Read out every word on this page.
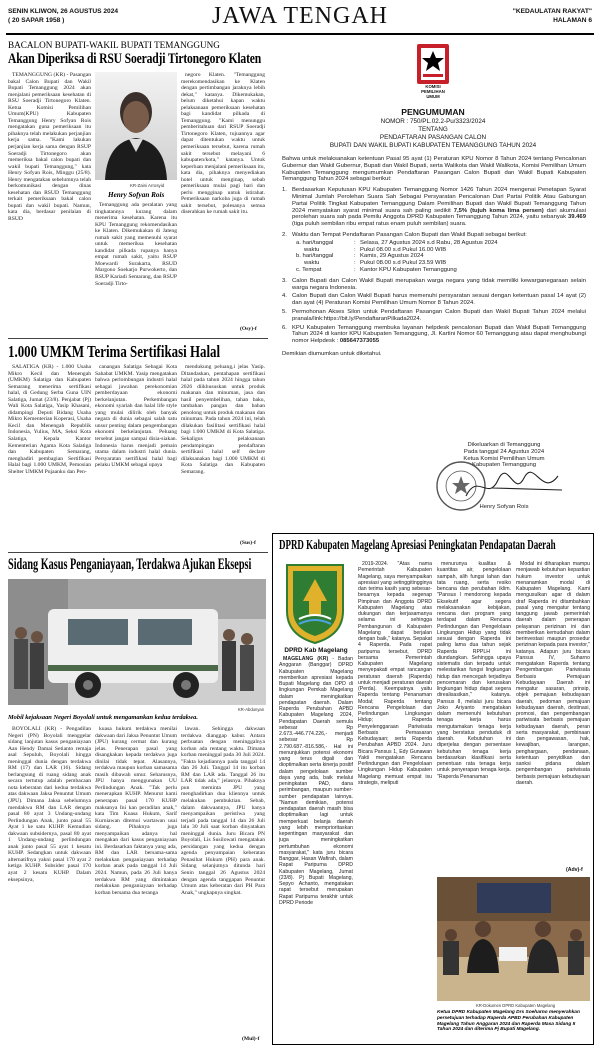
SENIN KLIWON, 26 AGUSTUS 2024
( 20 SAPAR 1958 )	JAWA TENGAH	"KEDAULATAN RAKYAT"
HALAMAN 6
BACALON BUPATI-WAKIL BUPATI TEMANGGUNG
Akan Diperiksa di RSU Soeradji Tirtonegoro Klaten

TEMANGGUNG (KR) - Pasangan bakal Calon Bupati dan Wakil Bupati Temanggung 2024 akan menjalani pemeriksaan kesehatan di RSU Soeradji Tirtonegoro Klaten. Ketua Komisi Pemilihan Umum(KPU) Kabupaten Temanggung Henry Sofyan Rois mengatakan guna pemeriksaan itu pihaknya telah melakukan perjanjian kerja sama. "Kami lakukan perjanjian kerja sama dengan RSUP Soeradji Tirtonegoro akan memeriksa bakal calon bupati dan wakil bupati Temanggung," kata Henry Sofyan Rois, Minggu (25/8). Henry mengatakan sebelumnya telah berkomunikasi dengan dinas kesehatan dan RSUD Temanggung terkait pemeriksaan bakal calon bupati dan wakil bupati. Namun, kata dia, berdasar penilaian di RSUD

KR-Zaini Arrosyid
Henry Sofyan Rois

Temanggung ada peralatan yang tingkatannya kurang dalam menerima kesehatan. Karena itu KPU Temanggung rekomendasikan ke Klaten. Dikemukakan di Jateng rumah sakit yang memenuhi syarat untuk memeriksa kesehatan kandidat pilkada rupanya hanya empat rumah sakit, yaitu RSUP Moewardi Surakarta, RSUD Margono Soekarjo Purwokerto, dan RSUP Kariadi Semarang, dan RSUP Soeradji Tirto-

negoro Klaten. "Temanggung merekomendasikan ke Klaten dengan pertimbangan jaraknya lebih dekat," katanya. Dikemukakan, belum diketahui kapan waktu pelaksanaan pemeriksaan kesehatan bagi kandidat pilkada di Temanggung. "Kami menunggu pemberitahuan dari RSUP Soeradji Tirtonegoro Klaten, tujuannya agar dapat ditentukan waktu untuk pemeriksaan tersebut, karena rumah sakit tersebut melayani 6 kabupaten/kota," katanya. Untuk keperluan menjalani pemeriksaan itu, kata dia, pihaknya menyediakan hotel untuk menginap, sebab pemeriksaan mulai pagi hari dan perlu mengginap untuk istirahat. Pemeriksaan narkoba juga di rumah sakit tersebut, polesanya semua diserahkan ke rumah sakit itu.

(Osy)-f
1.000 UMKM Terima Sertifikasi Halal

SALATIGA (KR) - 1.000 Usaha Mikro Kecil dan Menengah (UMKM) Salatiga dan Kabupaten Semarang menerima sertifikasi halal, di Gedung Serba Guna UIN Salatiga, Jumat (23/8). Penjabat (Pj) Wali Kota Salatiga, Yasip Khasani, didampingi Deputi Bidang Usaha Mikro Kementerian Koperasi, Usaha Kecil dan Menengah Republik Indonesia, Yulius, MA, Seksi Kota Salatiga, Kepala Kantor Kementerian Agama Kota Salatiga dan Kabupaten Semarang, menghadiri pembagian Sertifikasi Halal bagi 1.000 UMKM, Pemosian Shelter UMKM Pujaanku dan Pen-

canangan Salatiga Sebagai Kota Sahabat UMKM. Yasip mengatakan bahwa perlombungan industri halal sebagai jawaban perekonomian pemberdayaan ekonomi berkelanjutan. Perkembangan ekonomi syariah dan halal life style yang mulai dilirik oleh banyak negara di dunia sebagai salah satu unsur penting dalam pengembangan ekonomi berkelanjutan. Peluang tersebut jangan sampai disia-siakan. Indonesia harus menjadi pemain utama dalam industri halal dunia. Persyaratan sertifikasi halal bagi pelaku UMKM sebagai upaya

mendukung peluang,i jelas Yasip. Ditandaskan, pentahapan sertifikasi halal pada tahun 2024 hingga tahun 2026 diikhususkan untuk produk makanan dan minuman, jasa dan hasil penyembelihan, tahan baku, tambahan pangan dan bahan penolong untuk produk makanan dan minuman. Pada tahun 2024 ini, telah dilakukan fasilitasi sertifikasi halal bagi 1.000 UMKM di Kota Salatiga. Sekaligus pelaksanaan pendampingan pendaftaran sertifikasi halal self declare dilaksanakan bagi 1.000 UMKM di Kota Salatiga dan Kabupaten Semarang.

(Sus)-f
Sidang Kasus Penganiayaan, Terdakwa Ajukan Eksepsi
KR-Abdunyan
Mobil kejaksaan Negeri Boyolali untuk mengamankan kedua terdakwa.

BOYOLALI (KR) - Pengadilan Negeri (PN) Boyolali menggelar sidang lanjutan kasus penganiayaan Aan Hendy Damai Setianto remaja asal Sepuluh, Boyolali hingga meninggal dunia dengan terdakwa RM (17) dan LAR (16). Sidang berlangsung di ruang sidang anak secara tertutup adalah pembacaan nota keberatan dari kedua terdakwa atas dakwaan Jaksa Penuntut Umum (JPU). Dimana Jaksa sebelumnya mendakwa RM dan LAR dengan pasal 80 ayat 3 Undang-undang Perlindungan Anak, junto pasal 55 Ayat 1 ke satu KUHP. Kemudian dakwaan subsidernya, pasal 80 ayat 1 Undang-undang perlindungan anak junto pasal 55 ayat 1 kesatu KUHP. Sedangkan untuk dakwaan alternatifnya yakni pasal 170 ayat 2 ketiga KUHP. Subsider pasal 170 ayat 2 kesatu KUHP. Dalam eksepsinya,

kuasa hukum terdakwa menilai dakwaan dari Jaksa Penuntut Umum (JPU) kurang cermat dan kurang jelas. Penerapan pasal yang disangkakan kepada terdakwa juga dinilai tidak tepat. Alasannya, terdakwa maupun korban samasama masih dibawah umur. Seharusnya, JPU hanya menggunakan UU Perlindungan Anak. "Tak perlu menerapkan KUHP. Menurut kami penerapan pasal 170 KUHP maksanya Ini kan peradilan anak," kata Tim Kuasa Hukum, Sarif Kurniawan ditemui wartawan usai sidang. Pihaknya juga menyampaikan adanya hal mengakan dari kasus penganiayaan ini. Berdasarkan faktanya yang ada, RM dan LAR bersama-sama melakukan penganiayaan terhadap korban anak pada tanggal 14 Juli 2024. Namun, pada 26 Juli hanya terdakwa RM yang dimintakan melakukan penganiayaan terhadap korban bersama dua teranga

lawan. Sehingga dakwaan terdakwa dianggap kabur. Antara perbuatan dengan meninggalnya korban ada rentang waktu. Dimana korban meninggal pada 30 Juli 2024. "Fakta kejadiannya pada tanggal 14 dan 26 Juli. Tanggal 14 itu korban RM dan LAR ada. Tanggal 26 itu LAR tidak ada," jelasnya. Pihaknya pun meminta JPU yang menghadirkan dua kliennya untuk melakukan pembuktian. Sebab, dalam dakwaannya, JPU hanya menyampaikan peristiwa yang terjadi pada tanggal 14 dan 26 Juli lalu 30 Juli saat korban dinyatakan meninggal dunia. Juru Bicara PN Boyolali, Lis Susilowati mengatakan persidangan yang kedua dengan agenda penyampaian keberatan Penasihat Hukum (PH) para anak. Sidang selanjutnya ditunda hari Senin tanggal 26 Agustus 2024 dengan agenda tanggapan Penuntut Umum atas keberatan dari PH Para Anak," ungkapnya singkat.

(Mul)-f
KOMISI
PEMILIHAN
UMUM
PENGUMUMAN
NOMOR : 750/PL.02.2-Pu/3323/2024
TENTANG
PENDAFTARAN PASANGAN CALON
BUPATI DAN WAKIL BUPATI KABUPATEN TEMANGGUNG TAHUN 2024
Bahwa untuk melaksanakan ketentuan Pasal 95 ayat (1) Peraturan KPU Nomor 8 Tahun 2024 tentang Pencalonan Gubernur dan Wakil Gubernur, Bupati dan Wakil Bupati, serta Walikota dan Wakil Walikota, Komisi Pemilihan Umum Kabupaten Temanggung mengumumkan Pendaftaran Pasangan Calon Bupati dan Wakil Bupati Kabupaten Temanggung Tahun 2024 sebagai berikut:
1. Berdasarkan Keputusan KPU Kabupaten Temanggung Nomor 1426 Tahun 2024 mengenai Penetapan Syarat Minimal Jumlah Perolehan Suara Sah Sebagai Persyaratan Pencalonan Dari Partai Politik Atau Gabungan Partai Politik Tingkat Kabupaten Temanggung Dalam Pemilihan Bupati dan Wakil Bupati Temanggung Tahun 2024 menyatakan syarat minimal suara sah paling sedikit 7,5% (tujuh koma lima persen) dari akumulasi perolehan suara sah pada Pemilu Anggota DPRD Kabupaten Temanggung Tahun 2024, yaitu sebanyak 39.469 (tiga puluh sembilan ribu empat ratus enam puluh sembilan) suara.
2. Waktu dan Tempat Pendaftaran Pasangan Calon Bupati dan Wakil Bupati sebagai berikut:
a. hari/tanggal	: Selasa, 27 Agustus 2024 s.d Rabu, 28 Agustus 2024
waktu	: Pukul 08.00 s.d Pukul 16.00 WIB
b. hari/tanggal	: Kamis, 29 Agustus 2024
waktu	: Pukul 08.00 s.d Pukul 23.59 WIB
c. Tempat	: Kantor KPU Kabupaten Temanggung
3. Calon Bupati dan Calon Wakil Bupati merupakan warga negara yang tidak memiliki kewarganegaraan selain warga negara Indonesia.
4. Calon Bupati dan Calon Wakil Bupati harus memenuhi persyaratan sesuai dengan ketentuan pasal 14 ayat (2) dan ayat (4) Peraturan Komisi Pemilihan Umum Nomor 8 Tahun 2024.
5. Permohonan Akses Silon untuk Pendaftaran Pasangan Calon Bupati dan Wakil Bupati Tahun 2024 melalui pranala/link:https://bit.ly/PendaftaranPilkada2024.
6. KPU Kabupaten Temanggung membuka layanan helpdesk pencalonan Bupati dan Wakil Bupati Temanggung Tahun 2024 di kantor KPU Kabupaten Temanggung, Jl. Kartini Nomor 60 Temanggung atau dapat menghubungi nomor Helpdesk : 085647373055
Demikian diumumkan untuk diketahui.
Dikeluarkan di Temanggung
Pada tanggal 24 Agustus 2024
Ketua Komisi Pemilihan Umum
Kabupaten Temanggung
Henry Sofyan Rois
DPRD Kabupaten Magelang Apresiasi Peningkatan Pendapatan Daerah
DPRD Kab Magelang

MAGELANG (KR) - Badan Anggaran (Banggar) DPRD Kabupaten Magelang memberikan apresiasi kepada Bupati Magelang dan OPD di lingkungan Pemkab Magelang dalam meningkatkan pendapatan daerah. Dalam Raperda Perubahan APBD Kabupaten Magelang 2024, Pendapatan Daerah semula sebesar Rp 2.673.-446.774.226,- menjadi sebesar Rp 2.790.687.-816.586,- Hal ini menunjukkan potensi ekonomi yang terus digali dan dioptimalkan serta kinerja positif dalam pengelolaan sumber daya yang ada, baik melalui peningkatan PAD, dana perimbangan, maupun sumber-sumber pendapatan lainnya. "Namun demikian, potensi pendapatan daerah masih bisa dioptimalkan lagi untuk memperkuat belanja daerah yang lebih memprioritaskan kepentingan masyarakat dan juga meningkatkan pertumbuhan ekonomi masyarakat," kata juru bicara Banggar, Hasan Wafirah, dalam Rapat Paripurna DPRD Kabupaten Magelang, Jumat (23/8). Pj Bupati Magelang, Sepyo Achanto, mengatakan rapat tersebut merupakan Rapat Paripurna terakhir untuk DPRD Periode

2019-2024. "Atas nama Pemerintah Kabupaten Magelang, saya menyampaikan apresiasi yang setinggitingginya dan terima kasih yang sebesar-besarnya kepada segenap Pimpinan dan Anggota DPRD Kabupaten Magelang atas dukungan dan kerjasamanya selama ini sehingga Pembangunan di Kabupaten Magelang dapat berjalan dengan baik," katanya. Sepakat 4 Raperda. Pada rapat paripurna tersebut, DPRD bersama Pemerintah Kabupaten Magelang menyepakati empat rancangan peraturan daerah (Raperda) untuk menjadi peraturan daerah (Perda). Keempatnya yaitu Raperda tentang Penanaman Modal; Raperda tentang Rencana Pengelolaan dan Perlindungan Lingkungan Hidup; Raperda Penyelenggaraan Pariwisata Berbasis Pemasaran Kebudayaan; serta Raperda Perubahan APBD 2024. Juru Bicara Pansus 1, Edy Gunawan Yakti mengatakan Rencana Perlindungan dan Pengelolaan Lingkungan Hidup Kabupaten Magelang memuat empat isu strategis, meliputi

menurunya kualitas & kuantitas air, pengelolaan sampah, alih fungsi lahan dan tata ruang, serta resiko bencana dan perubahan iklim. "Pansus I mendorong kepada Eksekutif agar segera melaksanakan kebijakan, rencana dan program yang terdapat dalam Rencana Perlindungan dan Pengelolaan Lingkungan Hidup yang tidak sesuai dengan Raperda ini paling lama dua tahun sejak Raperda RPPLH ini diundangkan. Sehingga upaya sistematis dan terpadu untuk melestarikan fungsi lingkungan hidup dan mencegah terjadinya pencemaran dan kerusakan lingkungan hidup dapat segera direalisasikan," katanya. Pansus II, melalui juru bicara Joko Ariyanto mengatakan dalam memenuhi kebutuhan tenaga kerja harus mengutamakan tenaga kerja yang berstatus penduduk di daerah. Kebutuhan ini diperjelas dengan persentase kebutuhan tenaga kerja berdasarkan klasifikasi serta penentuan rata tenaga kerja untuk penyerapan tenaga kerja. "Raperda Penanaman

Modal ini diharapkan mampu menjawab kebutuhan kepastian hukum investor untuk menanamkan modal di Kabupaten Magelang. Kami mengusulkan agar di dalam draf Raperda ini ditambahkan pasal yang mengatur tentang tanggung jawab pemerintah daerah dalam penerapan pelayanan perizinan ini dan memberikan kemudahan dalam berinvestasi maupun prosedur perizinan kepada para investor," katanya. Adapun juru bicara Pansus IV, Suharno mengatakan Raperda tentang Pengembangan Pariwisata Berbasis Pemajuan Kebudayaan Daerah ini mengatur sasaran, prinsip, objek pemajuan kebudayaan daerah, pedoman pemajuan kebudayaan daerah, destinasi, promosi, dan pengembangan pariwisata berbasis pemajuan kebudayaan daerah, peran serta masyarakat, pembinaan dan pengawasan, hak, kewajiban, larangan, penghargaan, pendanaan, ketentuan penyidikan dan sanksi pidana dalam pengembangan pariwisata berbasis pemajuan kebudayaan daerah.

(Adv)-f
KR-Dokumen DPRD Kabupaten Magelang
Ketua DPRD Kabupaten Magelang Drs Soeharno menyerahkan persetujuan terhadap Raperda APBD Perubahan Kabupaten Magelang Tahun Anggaran 2024 dan Raperda Masa Sidang II Tahun 2024 dan diterima Pj Bupati Magelang.
